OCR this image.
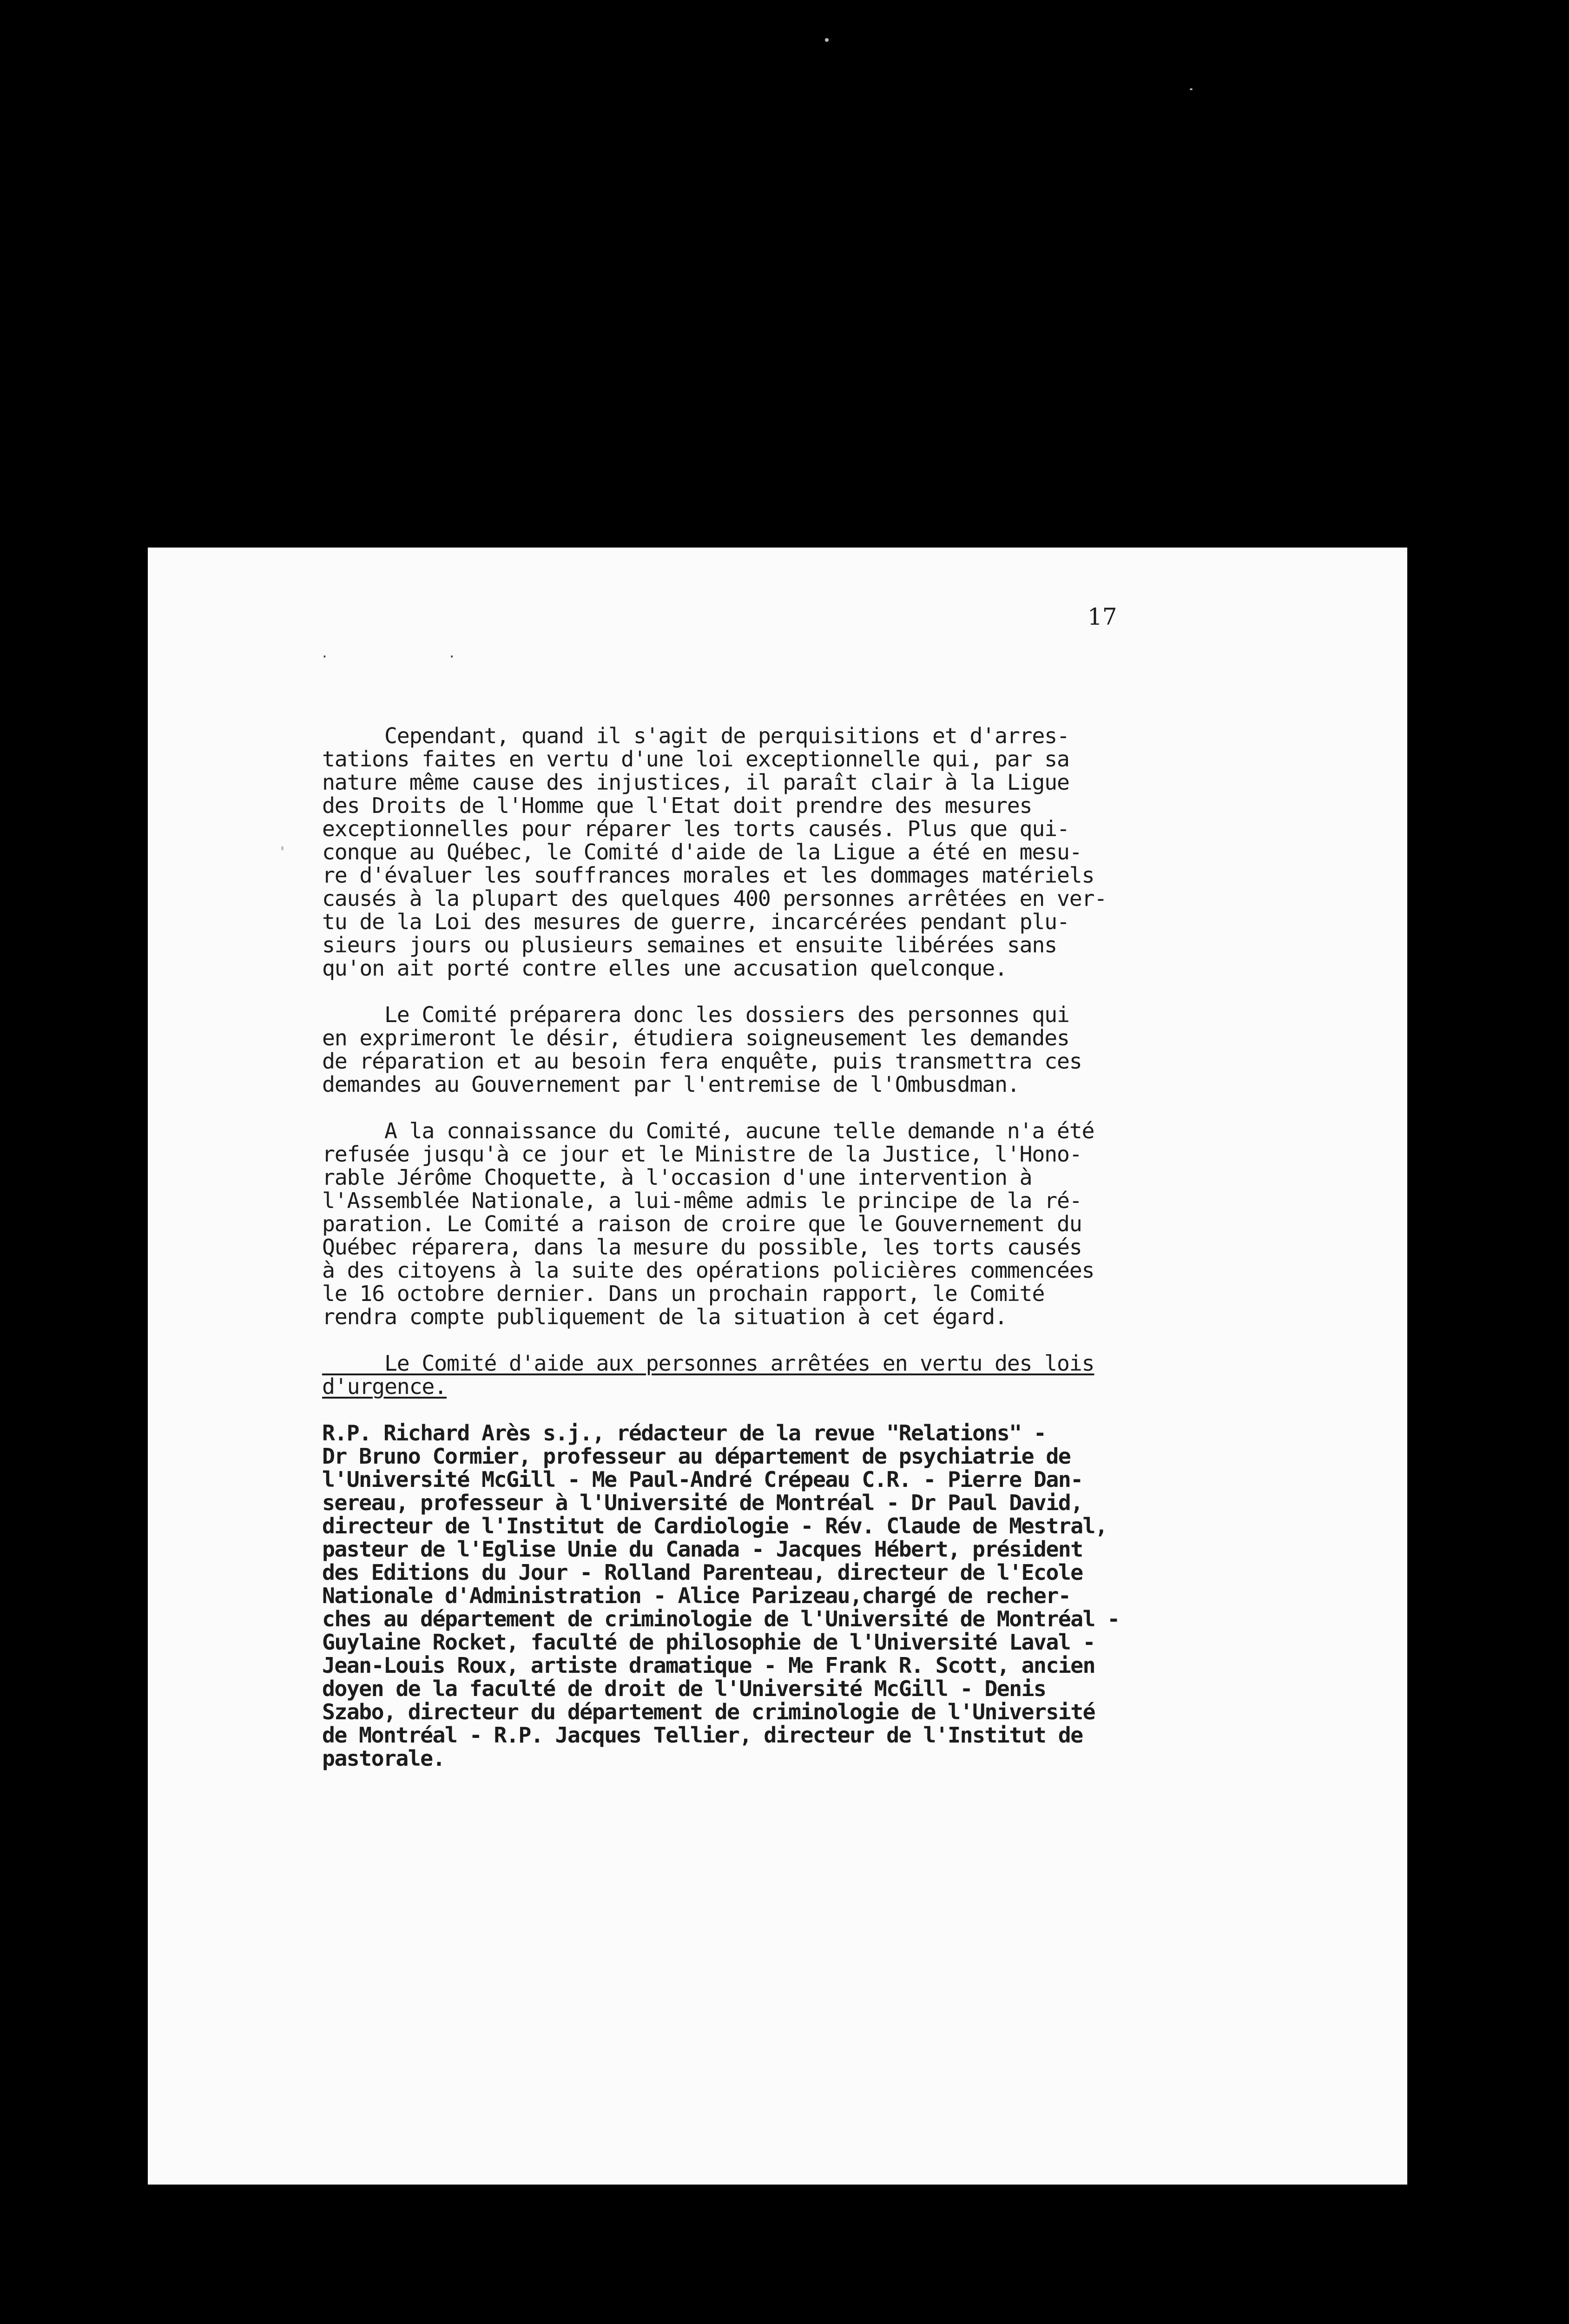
17
· ·
Cependant, quand il s'agit de perquisitions et d'arres-
tations faites en vertu d'une loi exceptionnelle qui, par sa
nature même cause des injustices, il paraît clair à la Ligue
des Droits de l'Homme que l'Etat doit prendre des mesures
exceptionnelles pour réparer les torts causés. Plus que qui-
conque au Québec, le Comité d'aide de la Ligue a été en mesu-
re d'évaluer les souffrances morales et les dommages matériels
causés à la plupart des quelques 400 personnes arrêtées en ver-
tu de la Loi des mesures de guerre, incarcérées pendant plu-
sieurs jours ou plusieurs semaines et ensuite libérées sans
qu'on ait porté contre elles une accusation quelconque.
Le Comité préparera donc les dossiers des personnes qui
en exprimeront le désir, étudiera soigneusement les demandes
de réparation et au besoin fera enquête, puis transmettra ces
demandes au Gouvernement par l'entremise de l'Ombusdman.
A la connaissance du Comité, aucune telle demande n'a été
refusée jusqu'à ce jour et le Ministre de la Justice, l'Hono-
rable Jérôme Choquette, à l'occasion d'une intervention à
l'Assemblée Nationale, a lui-même admis le principe de la ré-
paration. Le Comité a raison de croire que le Gouvernement du
Québec réparera, dans la mesure du possible, les torts causés
à des citoyens à la suite des opérations policières commencées
le 16 octobre dernier. Dans un prochain rapport, le Comité
rendra compte publiquement de la situation à cet égard.
Le Comité d'aide aux personnes arrêtées en vertu des lois
d'urgence.
R.P. Richard Arès s.j., rédacteur de la revue "Relations" -
Dr Bruno Cormier, professeur au département de psychiatrie de
l'Université McGill - Me Paul-André Crépeau C.R. - Pierre Dan-
sereau, professeur à l'Université de Montréal - Dr Paul David,
directeur de l'Institut de Cardiologie - Rév. Claude de Mestral,
pasteur de l'Eglise Unie du Canada - Jacques Hébert, président
des Editions du Jour - Rolland Parenteau, directeur de l'Ecole
Nationale d'Administration - Alice Parizeau,chargé de recher-
ches au département de criminologie de l'Université de Montréal -
Guylaine Rocket, faculté de philosophie de l'Université Laval -
Jean-Louis Roux, artiste dramatique - Me Frank R. Scott, ancien
doyen de la faculté de droit de l'Université McGill - Denis
Szabo, directeur du département de criminologie de l'Université
de Montréal - R.P. Jacques Tellier, directeur de l'Institut de
pastorale.
